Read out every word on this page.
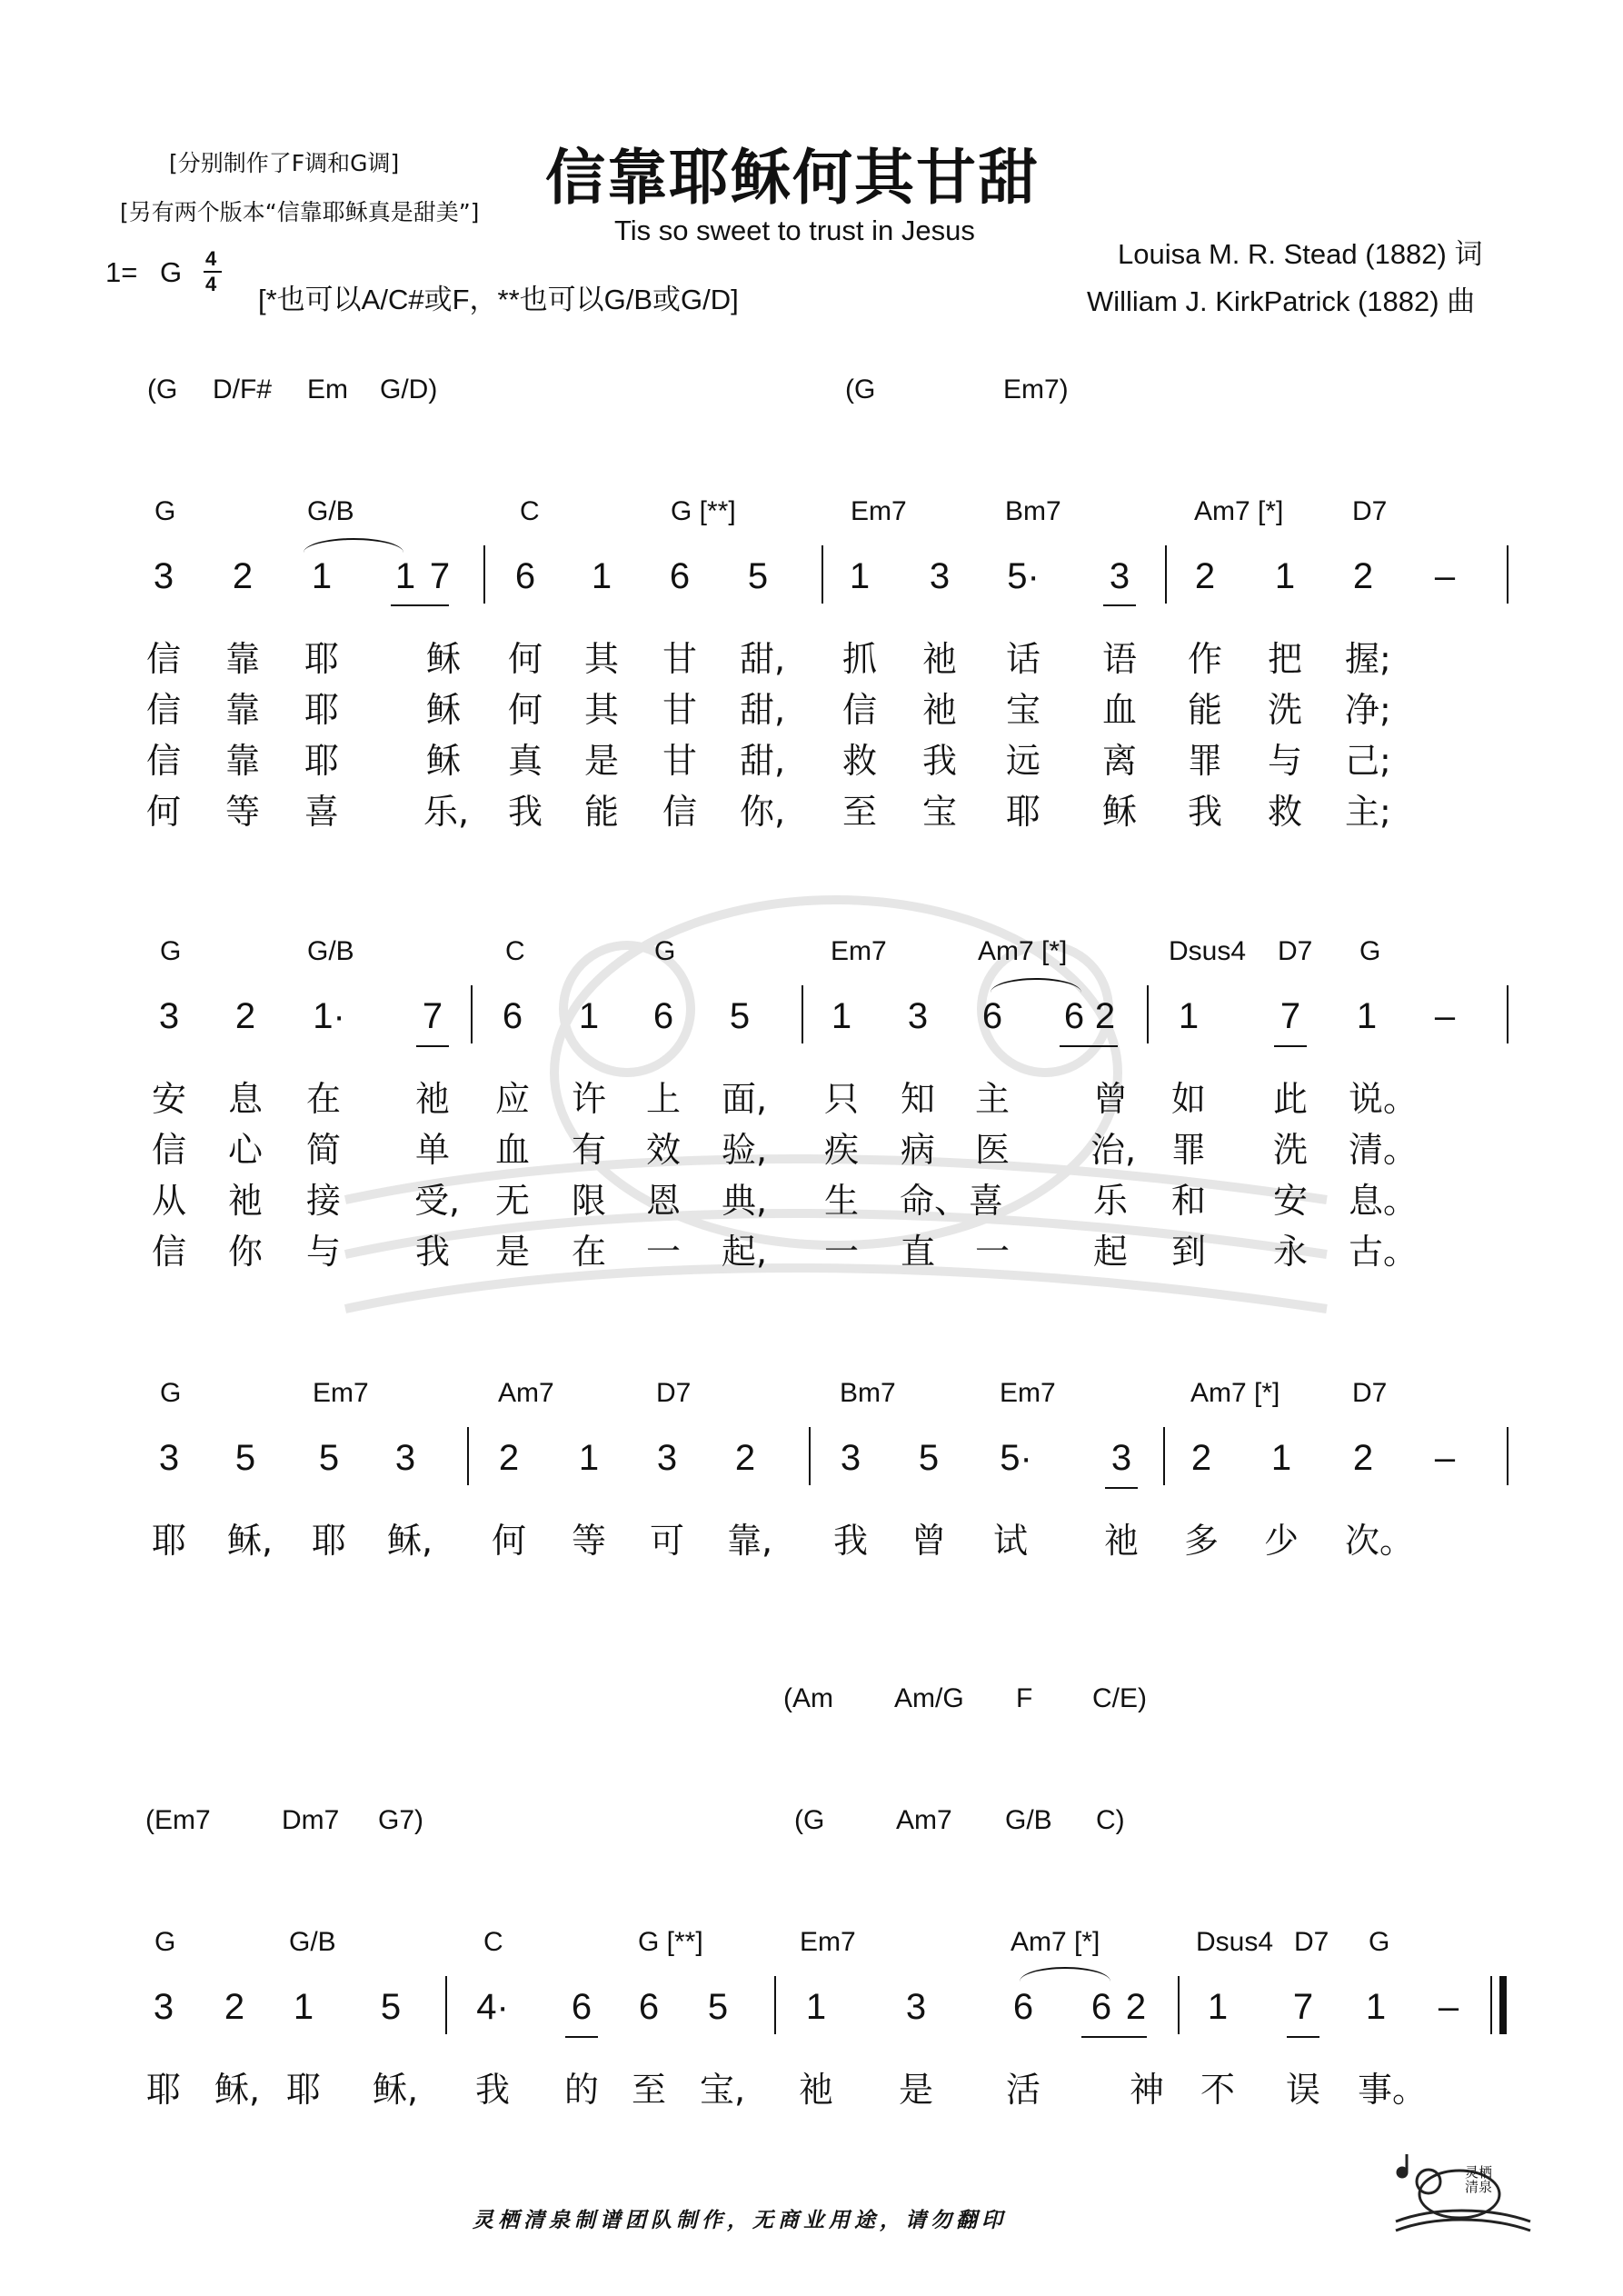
[分别制作了F调和G调]
[另有两个版本“信靠耶稣真是甜美”] 信靠耶稣何其甘甜
Tis so sweet to trust in Jesus
Louisa M. R. Stead (1882) 词
William J. KirkPatrick (1882) 曲
1= G 4
4 [*也可以A/C#或F，**也可以G/B或G/D]
(G D/F# Em G/D)	(G	Em7)
G	G/B	C	G [**]	Em7	Bm7	Am7 [*]	D7
3 2 1 1 7 6 1 6 5 1 3 5· 3 2 1 2 –
信 靠 耶	稣 何 其 甘 甜, 抓 祂 话 语 作 把 握;
信 靠 耶	稣 何 其 甘 甜, 信 祂 宝 血 能 洗 净;
信 靠 耶	稣 真 是 甘 甜, 救 我 远 离 罪 与 己;
何 等 喜 乐, 我 能 信 你, 至 宝 耶 稣 我 救 主;
G	G/B	C	G	Em7	Am7 [*]	Dsus4 D7 G
3 2 1· 7 6 1 6 5 1 3 6 6 2 1 7 1 –
安 息 在 祂 应 许 上 面, 只 知 主 曾 如 此 说。
信 心 简 单 血 有 效 验, 疾 病 医 治, 罪 洗 清。
从 祂 接 受, 无 限 恩 典, 生 命、喜	乐 和 安 息。
信 你 与 我 是 在 一 起, 一 直 一 起 到 永 古。
G	Em7	Am7	D7	Bm7	Em7	Am7 [*]	D7
3 5 5 3 2 1 3 2 3 5 5· 3 2 1 2 –
耶 稣, 耶 稣, 何 等 可 靠, 我 曾 试 祂 多 少 次。
(Am Am/G F C/E)
(Em7	Dm7 G7)	(G	Am7 G/B C)
G	G/B	C	G [**]	Em7	Am7 [*]	Dsus4 D7 G
3 2 1 5 4· 6 6 5 1 3 6 6 2 1 7 1 –
耶 稣, 耶 稣, 我 的 至 宝, 祂 是 活	神 不 误 事。
灵栖清泉制谱团队制作，无商业用途，请勿翻印
灵栖清泉
